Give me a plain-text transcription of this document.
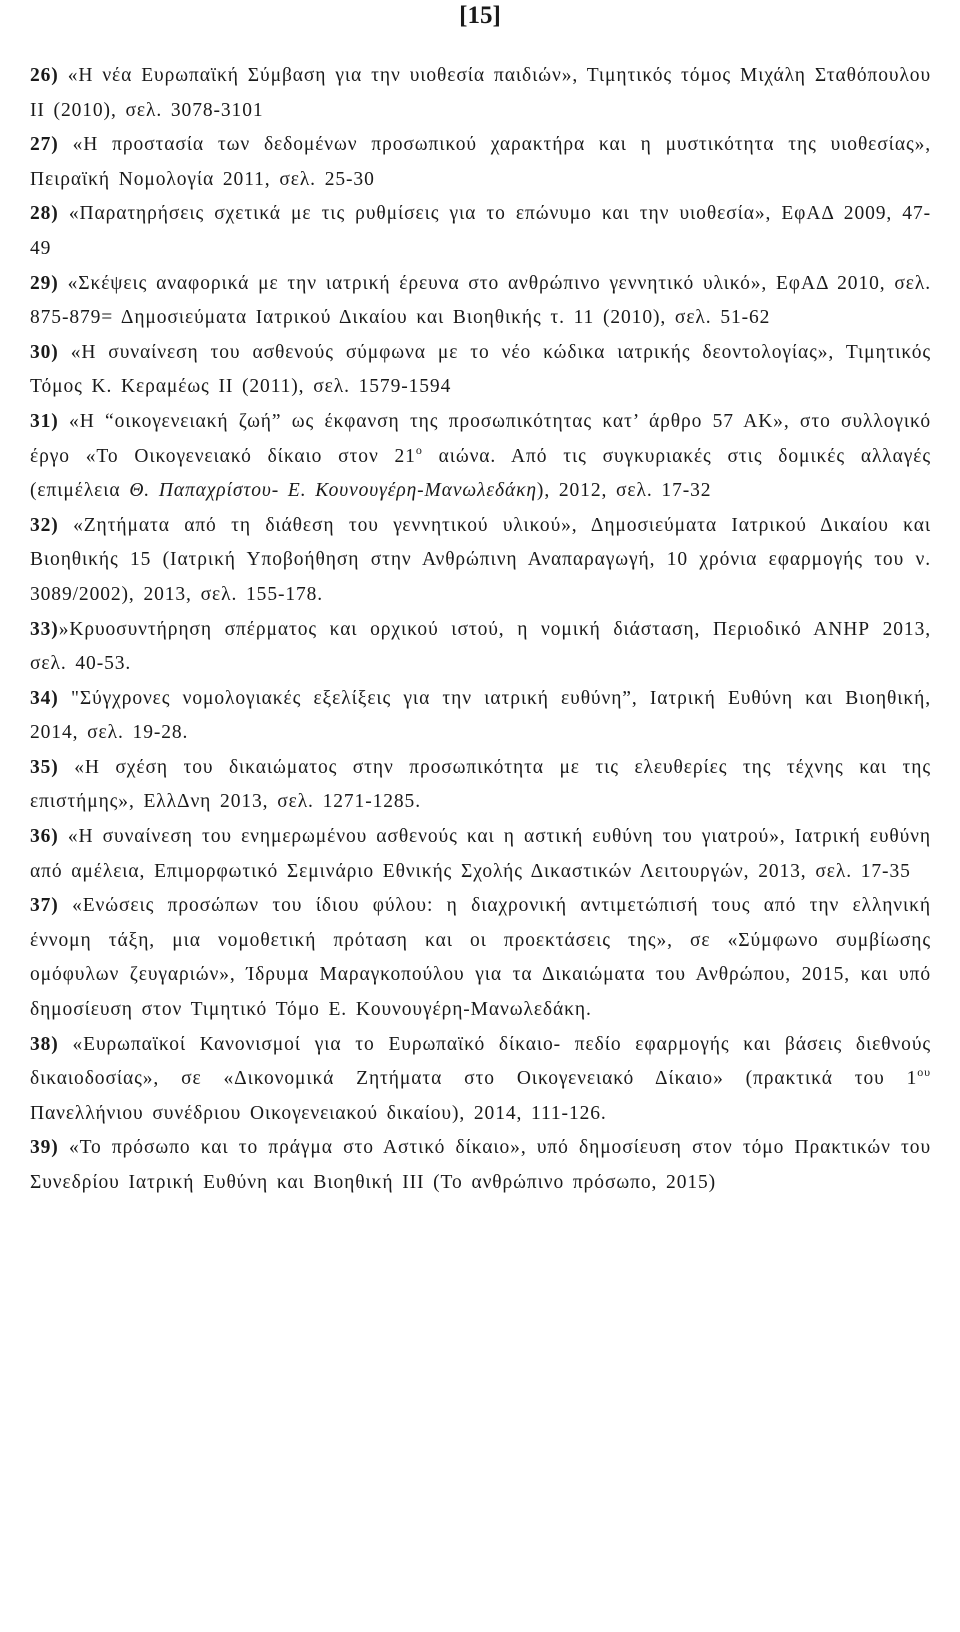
[15]

26) «Η νέα Ευρωπαϊκή Σύμβαση για την υιοθεσία παιδιών», Τιμητικός τόμος Μιχάλη Σταθόπουλου ΙΙ (2010), σελ. 3078-3101

27) «Η προστασία των δεδομένων προσωπικού χαρακτήρα και η μυστικότητα της υιοθεσίας», Πειραϊκή Νομολογία 2011, σελ. 25-30

28) «Παρατηρήσεις σχετικά με τις ρυθμίσεις για το επώνυμο και την υιοθεσία», ΕφΑΔ 2009, 47-49

29) «Σκέψεις αναφορικά με την ιατρική έρευνα στο ανθρώπινο γεννητικό υλικό», ΕφΑΔ 2010, σελ. 875-879= Δημοσιεύματα Ιατρικού Δικαίου και Βιοηθικής τ. 11 (2010), σελ. 51-62

30) «Η συναίνεση του ασθενούς σύμφωνα με το νέο κώδικα ιατρικής δεοντολογίας», Τιμητικός Τόμος Κ. Κεραμέως ΙΙ (2011), σελ. 1579-1594

31) «Η “οικογενειακή ζωή” ως έκφανση της προσωπικότητας κατ’ άρθρο 57 ΑΚ», στο συλλογικό έργο «Το Οικογενειακό δίκαιο στον $21^o$ αιώνα. Από τις συγκυριακές στις δομικές αλλαγές (επιμέλεια Θ. Παπαχρίστου- Ε. Κουνουγέρη-Μανωλεδάκη), 2012, σελ. 17-32

32) «Ζητήματα από τη διάθεση του γεννητικού υλικού», Δημοσιεύματα Ιατρικού Δικαίου και Βιοηθικής 15 (Ιατρική Υποβοήθηση στην Ανθρώπινη Αναπαραγωγή, 10 χρόνια εφαρμογής του ν. 3089/2002), 2013, σελ. 155-178.

33)»Κρυοσυντήρηση σπέρματος και ορχικού ιστού, η νομική διάσταση, Περιοδικό ΑΝΗΡ 2013, σελ. 40-53.

34) "Σύγχρονες νομολογιακές εξελίξεις για την ιατρική ευθύνη”, Ιατρική Ευθύνη και Βιοηθική, 2014, σελ. 19-28.

35) «Η σχέση του δικαιώματος στην προσωπικότητα με τις ελευθερίες της τέχνης και της επιστήμης», ΕλλΔνη 2013, σελ. 1271-1285.

36) «Η συναίνεση του ενημερωμένου ασθενούς και η αστική ευθύνη του γιατρού», Ιατρική ευθύνη από αμέλεια, Επιμορφωτικό Σεμινάριο Εθνικής Σχολής Δικαστικών Λειτουργών, 2013, σελ. 17-35

37) «Ενώσεις προσώπων του ίδιου φύλου: η διαχρονική αντιμετώπισή τους από την ελληνική έννομη τάξη, μια νομοθετική πρόταση και οι προεκτάσεις της», σε «Σύμφωνο συμβίωσης ομόφυλων ζευγαριών», Ίδρυμα Μαραγκοπούλου για τα Δικαιώματα του Ανθρώπου, 2015, και υπό δημοσίευση στον Τιμητικό Τόμο Ε. Κουνουγέρη-Μανωλεδάκη.

38) «Ευρωπαϊκοί Κανονισμοί για το Ευρωπαϊκό δίκαιο- πεδίο εφαρμογής και βάσεις διεθνούς δικαιοδοσίας», σε «Δικονομικά Ζητήματα στο Οικογενειακό Δίκαιο» (πρακτικά του $1^{o\upsilon}$ Πανελλήνιου συνέδριου Οικογενειακού δικαίου), 2014, 111-126.

39) «Το πρόσωπο και το πράγμα στο Αστικό δίκαιο», υπό δημοσίευση στον τόμο Πρακτικών του Συνεδρίου Ιατρική Ευθύνη και Βιοηθική ΙΙΙ (Το ανθρώπινο πρόσωπο, 2015)
